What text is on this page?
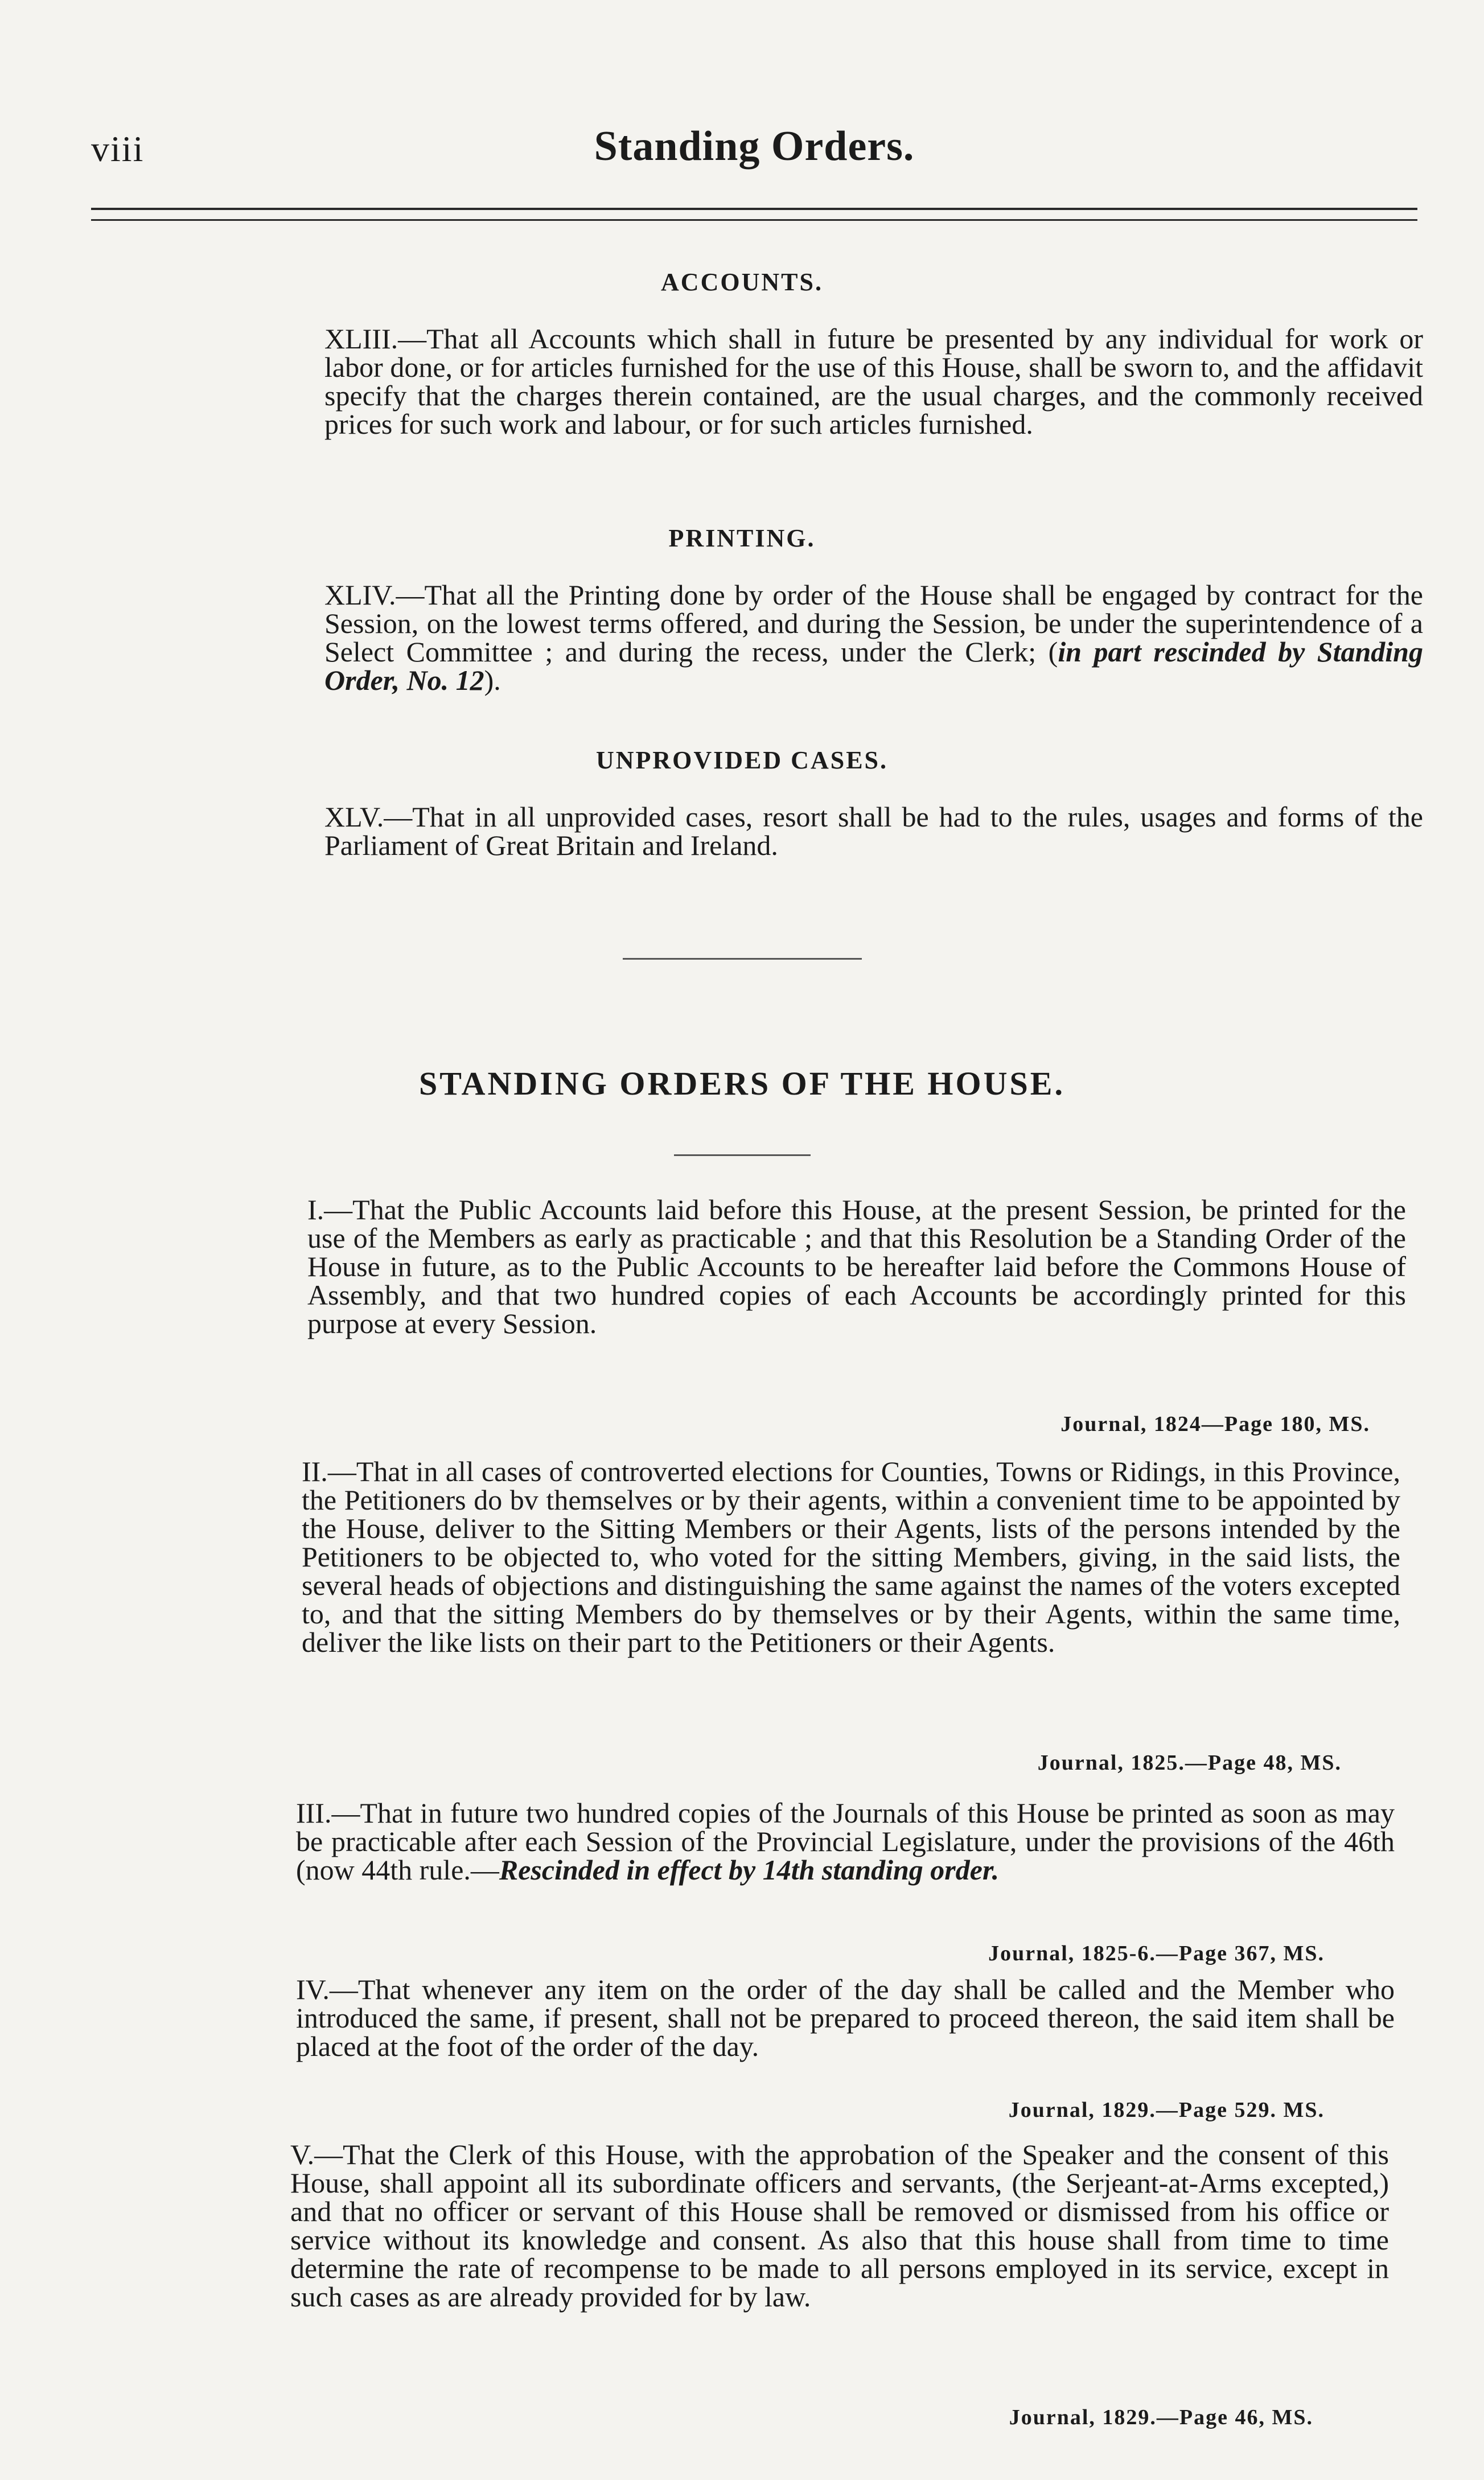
viii	Standing Orders.
ACCOUNTS.
XLIII.—That all Accounts which shall in future be presented by any individual for work or labor done, or for articles furnished for the use of this House, shall be sworn to, and the affidavit specify that the charges therein contained, are the usual charges, and the commonly received prices for such work and labour, or for such articles furnished.
PRINTING.
XLIV.—That all the Printing done by order of the House shall be engaged by contract for the Session, on the lowest terms offered, and during the Session, be under the superintendence of a Select Committee ; and during the recess, under the Clerk; (in part rescinded by Standing Order, No. 12).
UNPROVIDED CASES.
XLV.—That in all unprovided cases, resort shall be had to the rules, usages and forms of the Parliament of Great Britain and Ireland.
STANDING ORDERS OF THE HOUSE.
I.—That the Public Accounts laid before this House, at the present Session, be printed for the use of the Members as early as practicable ; and that this Resolution be a Standing Order of the House in future, as to the Public Accounts to be hereafter laid before the Commons House of Assembly, and that two hundred copies of each Accounts be accordingly printed for this purpose at every Session.
Journal, 1824—Page 180, MS.
II.—That in all cases of controverted elections for Counties, Towns or Ridings, in this Province, the Petitioners do bv themselves or by their agents, within a convenient time to be appointed by the House, deliver to the Sitting Members or their Agents, lists of the persons intended by the Petitioners to be objected to, who voted for the sitting Members, giving, in the said lists, the several heads of objections and distinguishing the same against the names of the voters excepted to, and that the sitting Members do by themselves or by their Agents, within the same time, deliver the like lists on their part to the Petitioners or their Agents.
Journal, 1825.—Page 48, MS.
III.—That in future two hundred copies of the Journals of this House be printed as soon as may be practicable after each Session of the Provincial Legislature, under the provisions of the 46th (now 44th rule.—Rescinded in effect by 14th standing order.
Journal, 1825-6.—Page 367, MS.
IV.—That whenever any item on the order of the day shall be called and the Member who introduced the same, if present, shall not be prepared to proceed thereon, the said item shall be placed at the foot of the order of the day.
Journal, 1829.—Page 529. MS.
V.—That the Clerk of this House, with the approbation of the Speaker and the consent of this House, shall appoint all its subordinate officers and servants, (the Serjeant-at-Arms excepted,) and that no officer or servant of this House shall be removed or dismissed from his office or service without its knowledge and consent. As also that this house shall from time to time determine the rate of recompense to be made to all persons employed in its service, except in such cases as are already provided for by law.
Journal, 1829.—Page 46, MS.
